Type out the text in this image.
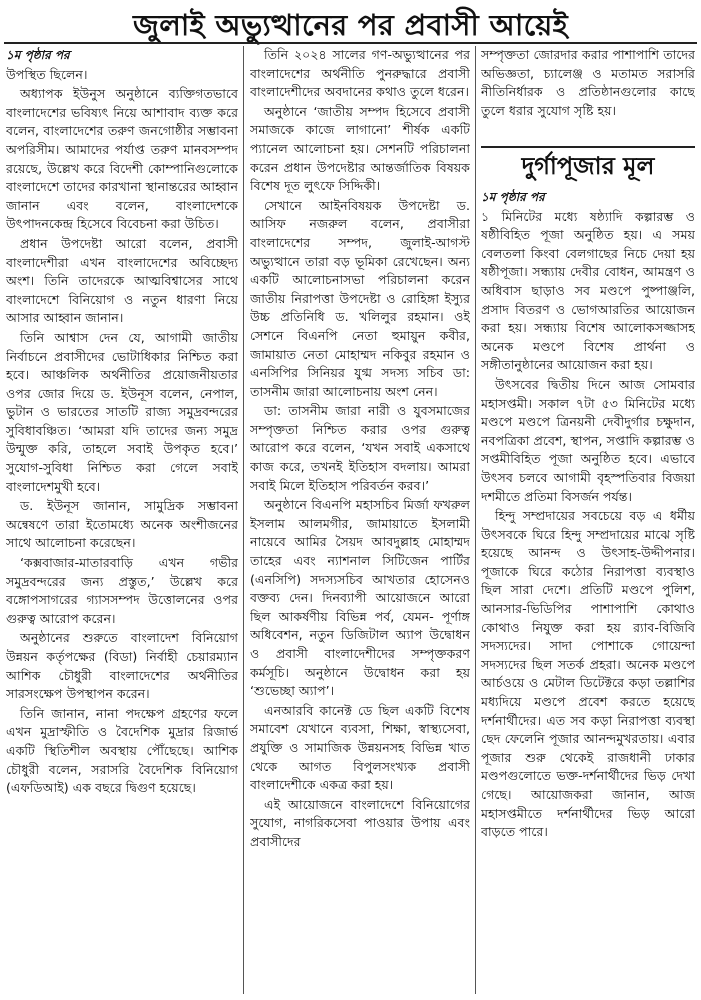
জুলাই অভ্যুত্থানের পর প্রবাসী আয়েই

১ম পৃষ্ঠার পর

উপস্থিত ছিলেন।

অধ্যাপক ইউনুস অনুষ্ঠানে ব্যক্তিগতভাবে বাংলাদেশের ভবিষ্যৎ নিয়ে আশাবাদ ব্যক্ত করে বলেন, বাংলাদেশের তরুণ জনগোষ্ঠীর সম্ভাবনা অপরিসীম। আমাদের পর্যাপ্ত তরুণ মানবসম্পদ রয়েছে, উল্লেখ করে বিদেশী কোম্পানিগুলোকে বাংলাদেশে তাদের কারখানা স্থানান্তরের আহ্বান জানান এবং বলেন, বাংলাদেশকে উৎপাদনকেন্দ্র হিসেবে বিবেচনা করা উচিত।

প্রধান উপদেষ্টা আরো বলেন, প্রবাসী বাংলাদেশীরা এখন বাংলাদেশের অবিচ্ছেদ্য অংশ। তিনি তাদেরকে আত্মবিশ্বাসের সাথে বাংলাদেশে বিনিয়োগ ও নতুন ধারণা নিয়ে আসার আহ্বান জানান।

তিনি আশ্বাস দেন যে, আগামী জাতীয় নির্বাচনে প্রবাসীদের ভোটাধিকার নিশ্চিত করা হবে। আঞ্চলিক অর্থনীতির প্রয়োজনীয়তার ওপর জোর দিয়ে ড. ইউনূস বলেন, নেপাল, ভুটান ও ভারতের সাতটি রাজ্য সমুদ্রবন্দরের সুবিধাবঞ্চিত। ‘আমরা যদি তাদের জন্য সমুদ্র উন্মুক্ত করি, তাহলে সবাই উপকৃত হবে।’ সুযোগ-সুবিধা নিশ্চিত করা গেলে সবাই বাংলাদেশমুখী হবে।

ড. ইউনূস জানান, সামুদ্রিক সম্ভাবনা অন্বেষণে তারা ইতোমধ্যে অনেক অংশীজনের সাথে আলোচনা করেছেন।

‘কক্সবাজার-মাতারবাড়ি এখন গভীর সমুদ্রবন্দরের জন্য প্রস্তুত,’ উল্লেখ করে বঙ্গোপসাগরের গ্যাসসম্পদ উত্তোলনের ওপর গুরুত্ব আরোপ করেন।

অনুষ্ঠানের শুরুতে বাংলাদেশ বিনিয়োগ উন্নয়ন কর্তৃপক্ষের (বিডা) নির্বাহী চেয়ারম্যান আশিক চৌধুরী বাংলাদেশের অর্থনীতির সারসংক্ষেপ উপস্থাপন করেন।

তিনি জানান, নানা পদক্ষেপ গ্রহণের ফলে এখন মুদ্রাস্ফীতি ও বৈদেশিক মুদ্রার রিজার্ভ একটি স্থিতিশীল অবস্থায় পৌঁছেছে। আশিক চৌধুরী বলেন, সরাসরি বৈদেশিক বিনিয়োগ (এফডিআই) এক বছরে দ্বিগুণ হয়েছে।

তিনি ২০২৪ সালের গণ-অভ্যুত্থানের পর বাংলাদেশের অর্থনীতি পুনরুদ্ধারে প্রবাসী বাংলাদেশীদের অবদানের কথাও তুলে ধরেন।

অনুষ্ঠানে ‘জাতীয় সম্পদ হিসেবে প্রবাসী সমাজকে কাজে লাগানো’ শীর্ষক একটি প্যানেল আলোচনা হয়। সেশনটি পরিচালনা করেন প্রধান উপদেষ্টার আন্তর্জাতিক বিষয়ক বিশেষ দূত লুৎফে সিদ্দিকী।

সেখানে আইনবিষয়ক উপদেষ্টা ড. আসিফ নজরুল বলেন, প্রবাসীরা বাংলাদেশের সম্পদ, জুলাই-আগস্ট অভ্যুত্থানে তারা বড় ভূমিকা রেখেছেন। অন্য একটি আলোচনাসভা পরিচালনা করেন জাতীয় নিরাপত্তা উপদেষ্টা ও রোহিঙ্গা ইস্যুর উচ্চ প্রতিনিধি ড. খলিলুর রহমান। ওই সেশনে বিএনপি নেতা হুমায়ুন কবীর, জামায়াত নেতা মোহাম্মদ নকিবুর রহমান ও এনসিপির সিনিয়র যুগ্ম সদস্য সচিব ডা: তাসনীম জারা আলোচনায় অংশ নেন।

ডা: তাসনীম জারা নারী ও যুবসমাজের সম্পৃক্ততা নিশ্চিত করার ওপর গুরুত্ব আরোপ করে বলেন, ‘যখন সবাই একসাথে কাজ করে, তখনই ইতিহাস বদলায়। আমরা সবাই মিলে ইতিহাস পরিবর্তন করব।’

অনুষ্ঠানে বিএনপি মহাসচিব মির্জা ফখরুল ইসলাম আলমগীর, জামায়াতে ইসলামী নায়েবে আমির সৈয়দ আবদুল্লাহ মোহাম্মদ তাহের এবং ন্যাশনাল সিটিজেন পার্টির (এনসিপি) সদস্যসচিব আখতার হোসেনও বক্তব্য দেন। দিনব্যাপী আয়োজনে আরো ছিল আকর্ষণীয় বিভিন্ন পর্ব, যেমন- পূর্ণাঙ্গ অধিবেশন, নতুন ডিজিটাল অ্যাপ উদ্বোধন ও প্রবাসী বাংলাদেশীদের সম্পৃক্তকরণ কর্মসূচি। অনুষ্ঠানে উদ্বোধন করা হয় ‘শুভেচ্ছা অ্যাপ’।

এনআরবি কানেক্ট ডে ছিল একটি বিশেষ সমাবেশ যেখানে ব্যবসা, শিক্ষা, স্বাস্থ্যসেবা, প্রযুক্তি ও সামাজিক উন্নয়নসহ বিভিন্ন খাত থেকে আগত বিপুলসংখ্যক প্রবাসী বাংলাদেশীকে একত্র করা হয়।

এই আয়োজনে বাংলাদেশে বিনিয়োগের সুযোগ, নাগরিকসেবা পাওয়ার উপায় এবং প্রবাসীদের

সম্পৃক্ততা জোরদার করার পাশাপাশি তাদের অভিজ্ঞতা, চ্যালেঞ্জ ও মতামত সরাসরি নীতিনির্ধারক ও প্রতিষ্ঠানগুলোর কাছে তুলে ধরার সুযোগ সৃষ্টি হয়।

দুর্গাপূজার মূল

১ম পৃষ্ঠার পর

১ মিনিটের মধ্যে ষষ্ঠ্যাদি কল্পারম্ভ ও ষষ্ঠীবিহিত পূজা অনুষ্ঠিত হয়। এ সময় বেলতলা কিংবা বেলগাছের নিচে দেয়া হয় ষষ্ঠীপূজা। সন্ধ্যায় দেবীর বোধন, আমন্ত্রণ ও অধিবাস ছাড়াও সব মণ্ডপে পুষ্পাঞ্জলি, প্রসাদ বিতরণ ও ভোগআরতির আয়োজন করা হয়। সন্ধ্যায় বিশেষ আলোকসজ্জাসহ অনেক মণ্ডপে বিশেষ প্রার্থনা ও সঙ্গীতানুষ্ঠানের আয়োজন করা হয়।

উৎসবের দ্বিতীয় দিনে আজ সোমবার মহাসপ্তমী। সকাল ৭টা ৫৩ মিনিটের মধ্যে মণ্ডপে মণ্ডপে ত্রিনয়নী দেবীদুর্গার চক্ষুদান, নবপত্রিকা প্রবেশ, স্থাপন, সপ্তাদি কল্পারম্ভ ও সপ্তমীবিহিত পূজা অনুষ্ঠিত হবে। এভাবে উৎসব চলবে আগামী বৃহস্পতিবার বিজয়া দশমীতে প্রতিমা বিসর্জন পর্যন্ত।

হিন্দু সম্প্রদায়ের সবচেয়ে বড় এ ধর্মীয় উৎসবকে ঘিরে হিন্দু সম্প্রদায়ের মাঝে সৃষ্টি হয়েছে আনন্দ ও উৎসাহ-উদ্দীপনার। পূজাকে ঘিরে কঠোর নিরাপত্তা ব্যবস্থাও ছিল সারা দেশে। প্রতিটি মণ্ডপে পুলিশ, আনসার-ভিডিপির পাশাপাশি কোথাও কোথাও নিযুক্ত করা হয় র‌্যাব-বিজিবি সদস্যদের। সাদা পোশাকে গোয়েন্দা সদস্যদের ছিল সতর্ক প্রহরা। অনেক মণ্ডপে আর্চওয়ে ও মেটাল ডিটেক্টরে কড়া তল্লাশির মধ্যদিয়ে মণ্ডপে প্রবেশ করতে হয়েছে দর্শনার্থীদের। এত সব কড়া নিরাপত্তা ব্যবস্থা ছেদ ফেলেনি পূজার আনন্দমুখরতায়। এবার পূজার শুরু থেকেই রাজধানী ঢাকার মণ্ডপগুলোতে ভক্ত-দর্শনার্থীদের ভিড় দেখা গেছে। আয়োজকরা জানান, আজ মহাসপ্তমীতে দর্শনার্থীদের ভিড় আরো বাড়তে পারে।
